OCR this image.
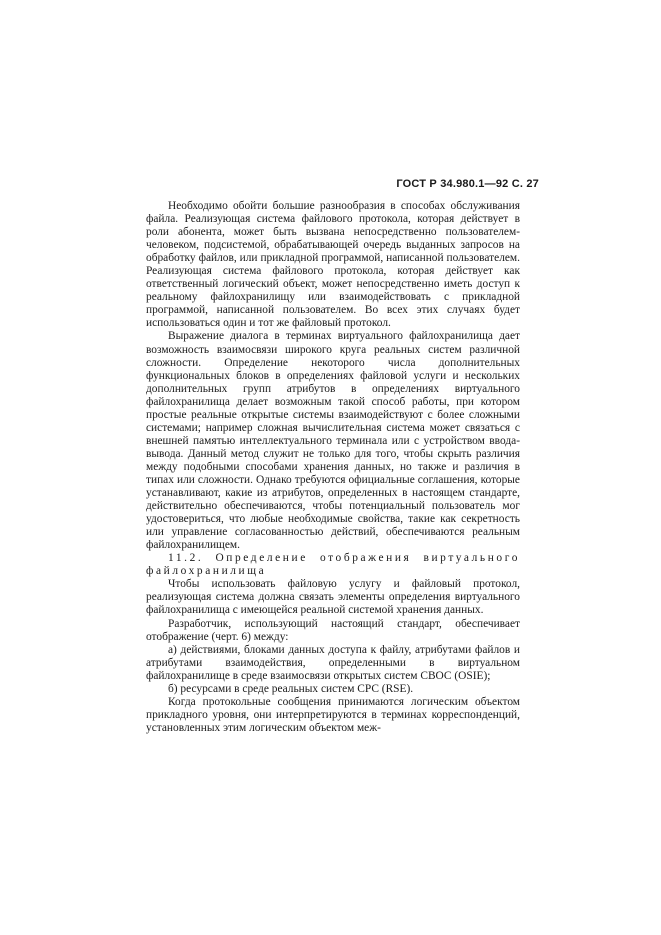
ГОСТ Р 34.980.1—92 С. 27

Необходимо обойти большие разнообразия в способах обслуживания файла. Реализующая система файлового протокола, которая действует в роли абонента, может быть вызвана непосредственно пользователем-человеком, подсистемой, обрабатывающей очередь выданных запросов на обработку файлов, или прикладной программой, написанной пользователем. Реализующая система файлового протокола, которая действует как ответственный логический объект, может непосредственно иметь доступ к реальному файлохранилищу или взаимодействовать с прикладной программой, написанной пользователем. Во всех этих случаях будет использоваться один и тот же файловый протокол.

Выражение диалога в терминах виртуального файлохранилища дает возможность взаимосвязи широкого круга реальных систем различной сложности. Определение некоторого числа дополнительных функциональных блоков в определениях файловой услуги и нескольких дополнительных групп атрибутов в определениях виртуального файлохранилища делает возможным такой способ работы, при котором простые реальные открытые системы взаимодействуют с более сложными системами; например сложная вычислительная система может связаться с внешней памятью интеллектуального терминала или с устройством ввода-вывода. Данный метод служит не только для того, чтобы скрыть различия между подобными способами хранения данных, но также и различия в типах или сложности. Однако требуются официальные соглашения, которые устанавливают, какие из атрибутов, определенных в настоящем стандарте, действительно обеспечиваются, чтобы потенциальный пользователь мог удостовериться, что любые необходимые свойства, такие как секретность или управление согласованностью действий, обеспечиваются реальным файлохранилищем.

11.2. Определение отображения виртуального файлохранилища

Чтобы использовать файловую услугу и файловый протокол, реализующая система должна связать элементы определения виртуального файлохранилища с имеющейся реальной системой хранения данных.

Разработчик, использующий настоящий стандарт, обеспечивает отображение (черт. 6) между:

а) действиями, блоками данных доступа к файлу, атрибутами файлов и атрибутами взаимодействия, определенными в виртуальном файлохранилище в среде взаимосвязи открытых систем СВОС (OSIE);

б) ресурсами в среде реальных систем СРС (RSE).

Когда протокольные сообщения принимаются логическим объектом прикладного уровня, они интерпретируются в терминах корреспонденций, установленных этим логическим объектом меж-
